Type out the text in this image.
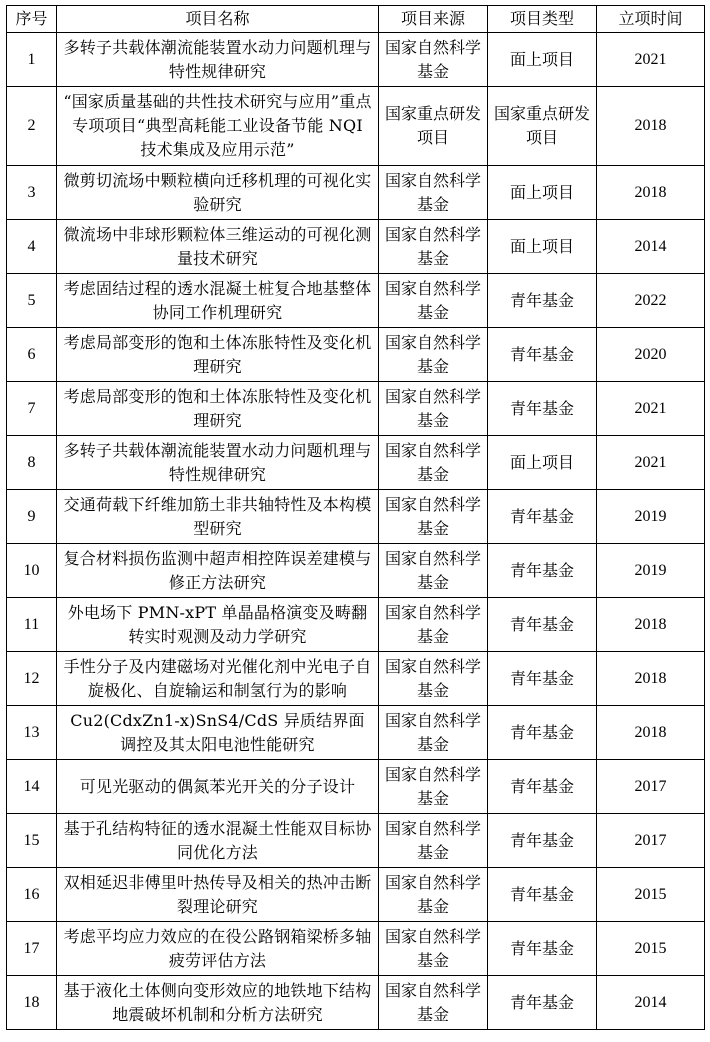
序号	项目名称	项目来源	项目类型	立项时间
1	多转子共载体潮流能装置水动力问题机理与特性规律研究	国家自然科学基金	面上项目	2021
2	“国家质量基础的共性技术研究与应用”重点专项项目“典型高耗能工业设备节能 NQI 技术集成及应用示范”	国家重点研发项目	国家重点研发项目	2018
3	微剪切流场中颗粒横向迁移机理的可视化实验研究	国家自然科学基金	面上项目	2018
4	微流场中非球形颗粒体三维运动的可视化测量技术研究	国家自然科学基金	面上项目	2014
5	考虑固结过程的透水混凝土桩复合地基整体协同工作机理研究	国家自然科学基金	青年基金	2022
6	考虑局部变形的饱和土体冻胀特性及变化机理研究	国家自然科学基金	青年基金	2020
7	考虑局部变形的饱和土体冻胀特性及变化机理研究	国家自然科学基金	青年基金	2021
8	多转子共载体潮流能装置水动力问题机理与特性规律研究	国家自然科学基金	面上项目	2021
9	交通荷载下纤维加筋土非共轴特性及本构模型研究	国家自然科学基金	青年基金	2019
10	复合材料损伤监测中超声相控阵误差建模与修正方法研究	国家自然科学基金	青年基金	2019
11	外电场下 PMN-xPT 单晶晶格演变及畴翻转实时观测及动力学研究	国家自然科学基金	青年基金	2018
12	手性分子及内建磁场对光催化剂中光电子自旋极化、自旋输运和制氢行为的影响	国家自然科学基金	青年基金	2018
13	Cu2(CdxZn1-x)SnS4/CdS 异质结界面调控及其太阳电池性能研究	国家自然科学基金	青年基金	2018
14	可见光驱动的偶氮苯光开关的分子设计	国家自然科学基金	青年基金	2017
15	基于孔结构特征的透水混凝土性能双目标协同优化方法	国家自然科学基金	青年基金	2017
16	双相延迟非傅里叶热传导及相关的热冲击断裂理论研究	国家自然科学基金	青年基金	2015
17	考虑平均应力效应的在役公路钢箱梁桥多轴疲劳评估方法	国家自然科学基金	青年基金	2015
18	基于液化土体侧向变形效应的地铁地下结构地震破坏机制和分析方法研究	国家自然科学基金	青年基金	2014
